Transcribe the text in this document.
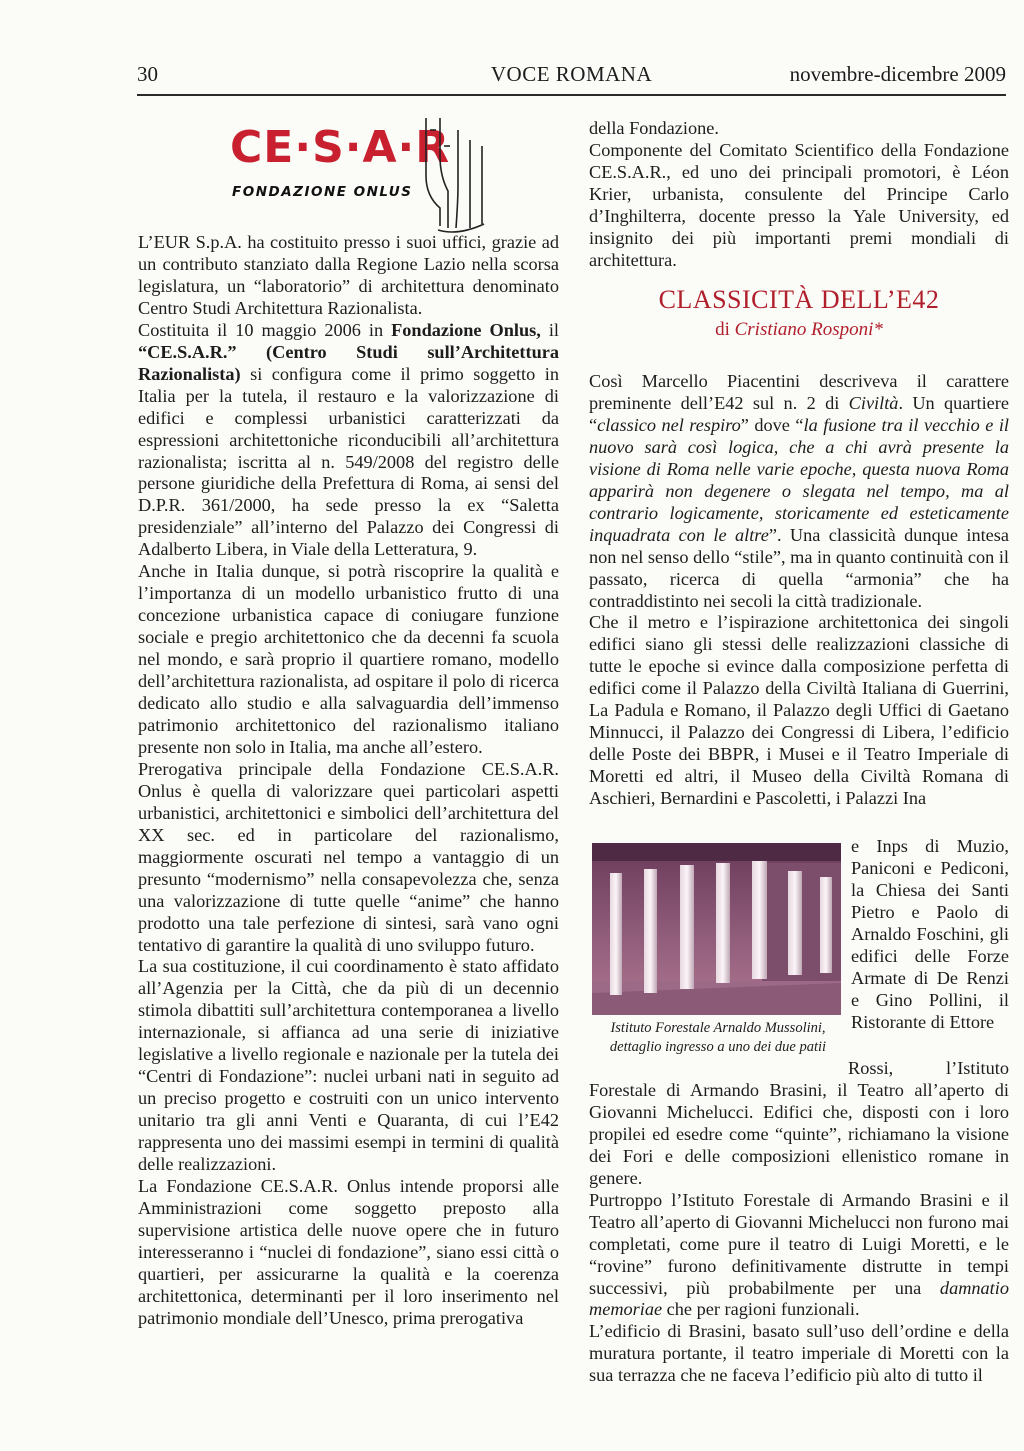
30	VOCE ROMANA	novembre-dicembre 2009
CE·S·A·R
FONDAZIONE ONLUS

L’EUR S.p.A. ha costituito presso i suoi uffici, grazie ad un contributo stanziato dalla Regione Lazio nella scorsa legislatura, un “laboratorio” di architettura denominato Centro Studi Architettura Razionalista.

Costituita il 10 maggio 2006 in Fondazione Onlus, il “CE.S.A.R.” (Centro Studi sull’Architettura Razionalista) si configura come il primo soggetto in Italia per la tutela, il restauro e la valorizzazione di edifici e complessi urbanistici caratterizzati da espressioni architettoniche riconducibili all’architettura razionalista; iscritta al n. 549/2008 del registro delle persone giuridiche della Prefettura di Roma, ai sensi del D.P.R. 361/2000, ha sede presso la ex “Saletta presidenziale” all’interno del Palazzo dei Congressi di Adalberto Libera, in Viale della Letteratura, 9.

Anche in Italia dunque, si potrà riscoprire la qualità e l’importanza di un modello urbanistico frutto di una concezione urbanistica capace di coniugare funzione sociale e pregio architettonico che da decenni fa scuola nel mondo, e sarà proprio il quartiere romano, modello dell’architettura razionalista, ad ospitare il polo di ricerca dedicato allo studio e alla salvaguardia dell’immenso patrimonio architettonico del razionalismo italiano presente non solo in Italia, ma anche all’estero.

Prerogativa principale della Fondazione CE.S.A.R. Onlus è quella di valorizzare quei particolari aspetti urbanistici, architettonici e simbolici dell’architettura del XX sec. ed in particolare del razionalismo, maggiormente oscurati nel tempo a vantaggio di un presunto “modernismo” nella consapevolezza che, senza una valorizzazione di tutte quelle “anime” che hanno prodotto una tale perfezione di sintesi, sarà vano ogni tentativo di garantire la qualità di uno sviluppo futuro.

La sua costituzione, il cui coordinamento è stato affidato all’Agenzia per la Città, che da più di un decennio stimola dibattiti sull’architettura contemporanea a livello internazionale, si affianca ad una serie di iniziative legislative a livello regionale e nazionale per la tutela dei “Centri di Fondazione”: nuclei urbani nati in seguito ad un preciso progetto e costruiti con un unico intervento unitario tra gli anni Venti e Quaranta, di cui l’E42 rappresenta uno dei massimi esempi in termini di qualità delle realizzazioni.

La Fondazione CE.S.A.R. Onlus intende proporsi alle Amministrazioni come soggetto preposto alla supervisione artistica delle nuove opere che in futuro interesseranno i “nuclei di fondazione”, siano essi città o quartieri, per assicurarne la qualità e la coerenza architettonica, determinanti per il loro inserimento nel patrimonio mondiale dell’Unesco, prima prerogativa

della Fondazione.

Componente del Comitato Scientifico della Fondazione CE.S.A.R., ed uno dei principali promotori, è Léon Krier, urbanista, consulente del Principe Carlo d’Inghilterra, docente presso la Yale University, ed insignito dei più importanti premi mondiali di architettura.

CLASSICITÀ DELL’E42
di Cristiano Rosponi*

Così Marcello Piacentini descriveva il carattere preminente dell’E42 sul n. 2 di Civiltà. Un quartiere “classico nel respiro” dove “la fusione tra il vecchio e il nuovo sarà così logica, che a chi avrà presente la visione di Roma nelle varie epoche, questa nuova Roma apparirà non degenere o slegata nel tempo, ma al contrario logicamente, storicamente ed esteticamente inquadrata con le altre”. Una classicità dunque intesa non nel senso dello “stile”, ma in quanto continuità con il passato, ricerca di quella “armonia” che ha contraddistinto nei secoli la città tradizionale.

Che il metro e l’ispirazione architettonica dei singoli edifici siano gli stessi delle realizzazioni classiche di tutte le epoche si evince dalla composizione perfetta di edifici come il Palazzo della Civiltà Italiana di Guerrini, La Padula e Romano, il Palazzo degli Uffici di Gaetano Minnucci, il Palazzo dei Congressi di Libera, l’edificio delle Poste dei BBPR, i Musei e il Teatro Imperiale di Moretti ed altri, il Museo della Civiltà Romana di Aschieri, Bernardini e Pascoletti, i Palazzi Ina

Istituto Forestale Arnaldo Mussolini,
dettaglio ingresso a uno dei due patii

e Inps di Muzio, Paniconi e Pediconi, la Chiesa dei Santi Pietro e Paolo di Arnaldo Foschini, gli edifici delle Forze Armate di De Renzi e Gino Pollini, il Ristorante di Ettore

Rossi, l’Istituto Forestale di Armando Brasini, il Teatro all’aperto di Giovanni Michelucci. Edifici che, disposti con i loro propilei ed esedre come “quinte”, richiamano la visione dei Fori e delle composizioni ellenistico romane in genere.

Purtroppo l’Istituto Forestale di Armando Brasini e il Teatro all’aperto di Giovanni Michelucci non furono mai completati, come pure il teatro di Luigi Moretti, e le “rovine” furono definitivamente distrutte in tempi successivi, più probabilmente per una damnatio memoriae che per ragioni funzionali.

L’edificio di Brasini, basato sull’uso dell’ordine e della muratura portante, il teatro imperiale di Moretti con la sua terrazza che ne faceva l’edificio più alto di tutto il
